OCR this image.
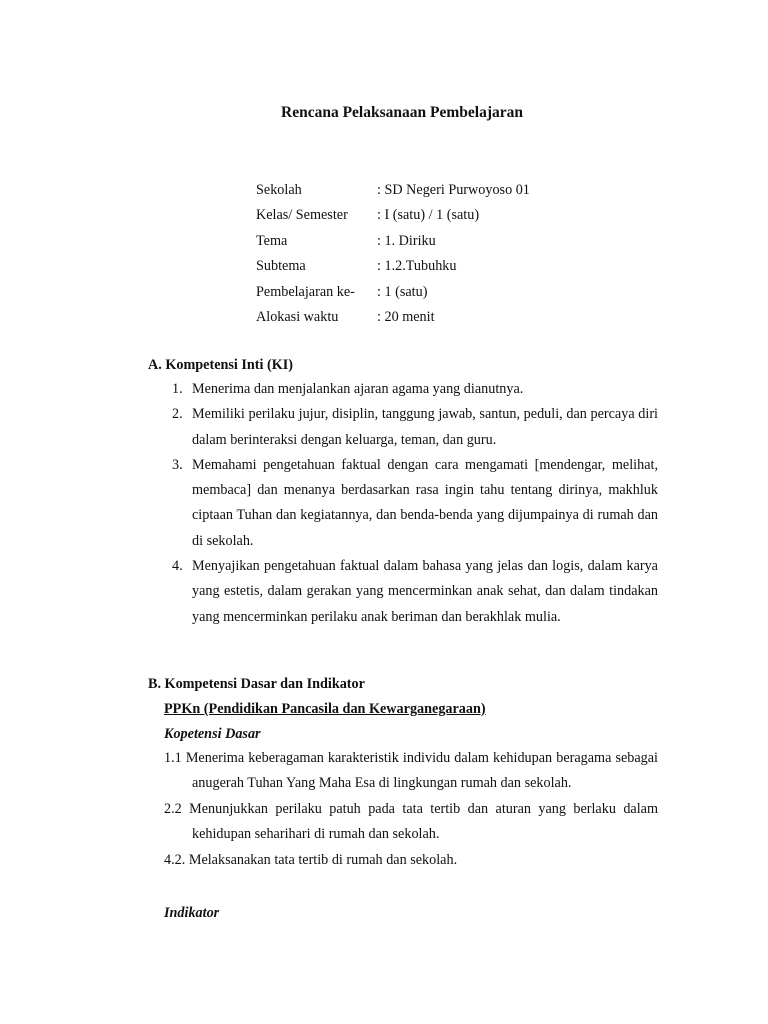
Rencana Pelaksanaan Pembelajaran
Sekolah	: SD Negeri Purwoyoso 01
Kelas/ Semester : I (satu) / 1 (satu)
Tema	: 1. Diriku
Subtema	: 1.2.Tubuhku
Pembelajaran ke- : 1 (satu)
Alokasi waktu	: 20 menit
A. Kompetensi Inti (KI)
1. Menerima dan menjalankan ajaran agama yang dianutnya.
2. Memiliki perilaku jujur, disiplin, tanggung jawab, santun, peduli, dan percaya diri dalam berinteraksi dengan keluarga, teman, dan guru.
3. Memahami pengetahuan faktual dengan cara mengamati [mendengar, melihat, membaca] dan menanya berdasarkan rasa ingin tahu tentang dirinya, makhluk ciptaan Tuhan dan kegiatannya, dan benda-benda yang dijumpainya di rumah dan di sekolah.
4. Menyajikan pengetahuan faktual dalam bahasa yang jelas dan logis, dalam karya yang estetis, dalam gerakan yang mencerminkan anak sehat, dan dalam tindakan yang mencerminkan perilaku anak beriman dan berakhlak mulia.
B. Kompetensi Dasar dan Indikator
PPKn (Pendidikan Pancasila dan Kewarganegaraan)
Kopetensi Dasar
1.1 Menerima keberagaman karakteristik individu dalam kehidupan beragama sebagai anugerah Tuhan Yang Maha Esa di lingkungan rumah dan sekolah.
2.2 Menunjukkan perilaku patuh pada tata tertib dan aturan yang berlaku dalam kehidupan seharihari di rumah dan sekolah.
4.2. Melaksanakan tata tertib di rumah dan sekolah.
Indikator
